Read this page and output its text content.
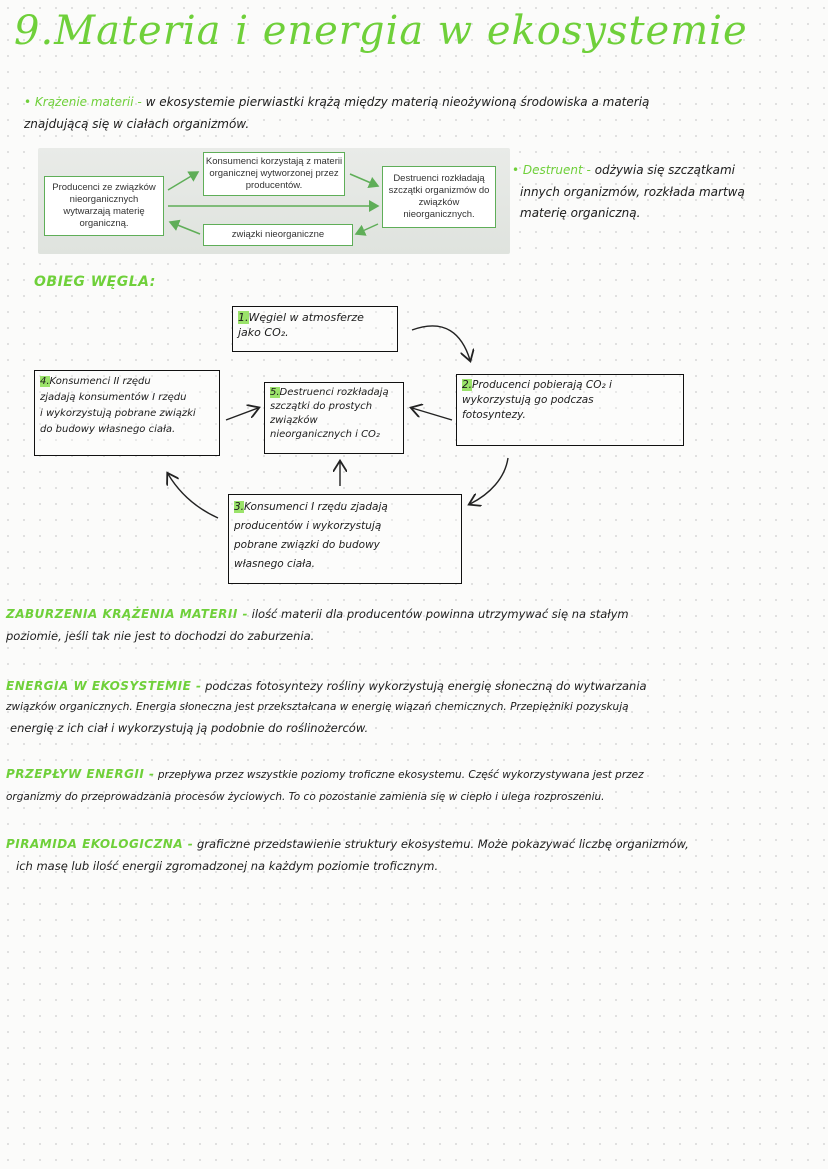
9.Materia i energia w ekosystemie
• Krążenie materii - w ekosystemie pierwiastki krążą między materią nieożywioną środowiska a materią
znajdującą się w ciałach organizmów.
Producenci ze związków nieorganicznych wytwarzają materię organiczną.
Konsumenci korzystają z materii organicznej wytworzonej przez producentów.
Destruenci rozkładają szczątki organizmów do związków nieorganicznych.
związki nieorganiczne
• Destruent - odżywia się szczątkami
innych organizmów, rozkłada martwą
materię organiczną.
OBIEG WĘGLA:
1.Węgiel w atmosferze
jako CO₂.
2.Producenci pobierają CO₂ i
wykorzystują go podczas
fotosyntezy.
5.Destruenci rozkładają
szczątki do prostych
związków
nieorganicznych i CO₂
4.Konsumenci II rzędu
zjadają konsumentów I rzędu
i wykorzystują pobrane związki
do budowy własnego ciała.
3.Konsumenci I rzędu zjadają
producentów i wykorzystują
pobrane związki do budowy
własnego ciała.
ZABURZENIA KRĄŻENIA MATERII - ilość materii dla producentów powinna utrzymywać się na stałym
poziomie, jeśli tak nie jest to dochodzi do zaburzenia.
ENERGIA W EKOSYSTEMIE - podczas fotosyntezy rośliny wykorzystują energię słoneczną do wytwarzania
związków organicznych. Energia słoneczna jest przekształcana w energię wiązań chemicznych. Przepiężniki pozyskują
energię z ich ciał i wykorzystują ją podobnie do roślinożerców.
PRZEPŁYW ENERGII - przepływa przez wszystkie poziomy troficzne ekosystemu. Część wykorzystywana jest przez
organizmy do przeprowadzania procesów życiowych. To co pozostanie zamienia się w ciepło i ulega rozproszeniu.
PIRAMIDA EKOLOGICZNA - graficzne przedstawienie struktury ekosystemu. Może pokazywać liczbę organizmów,
ich masę lub ilość energii zgromadzonej na każdym poziomie troficznym.
